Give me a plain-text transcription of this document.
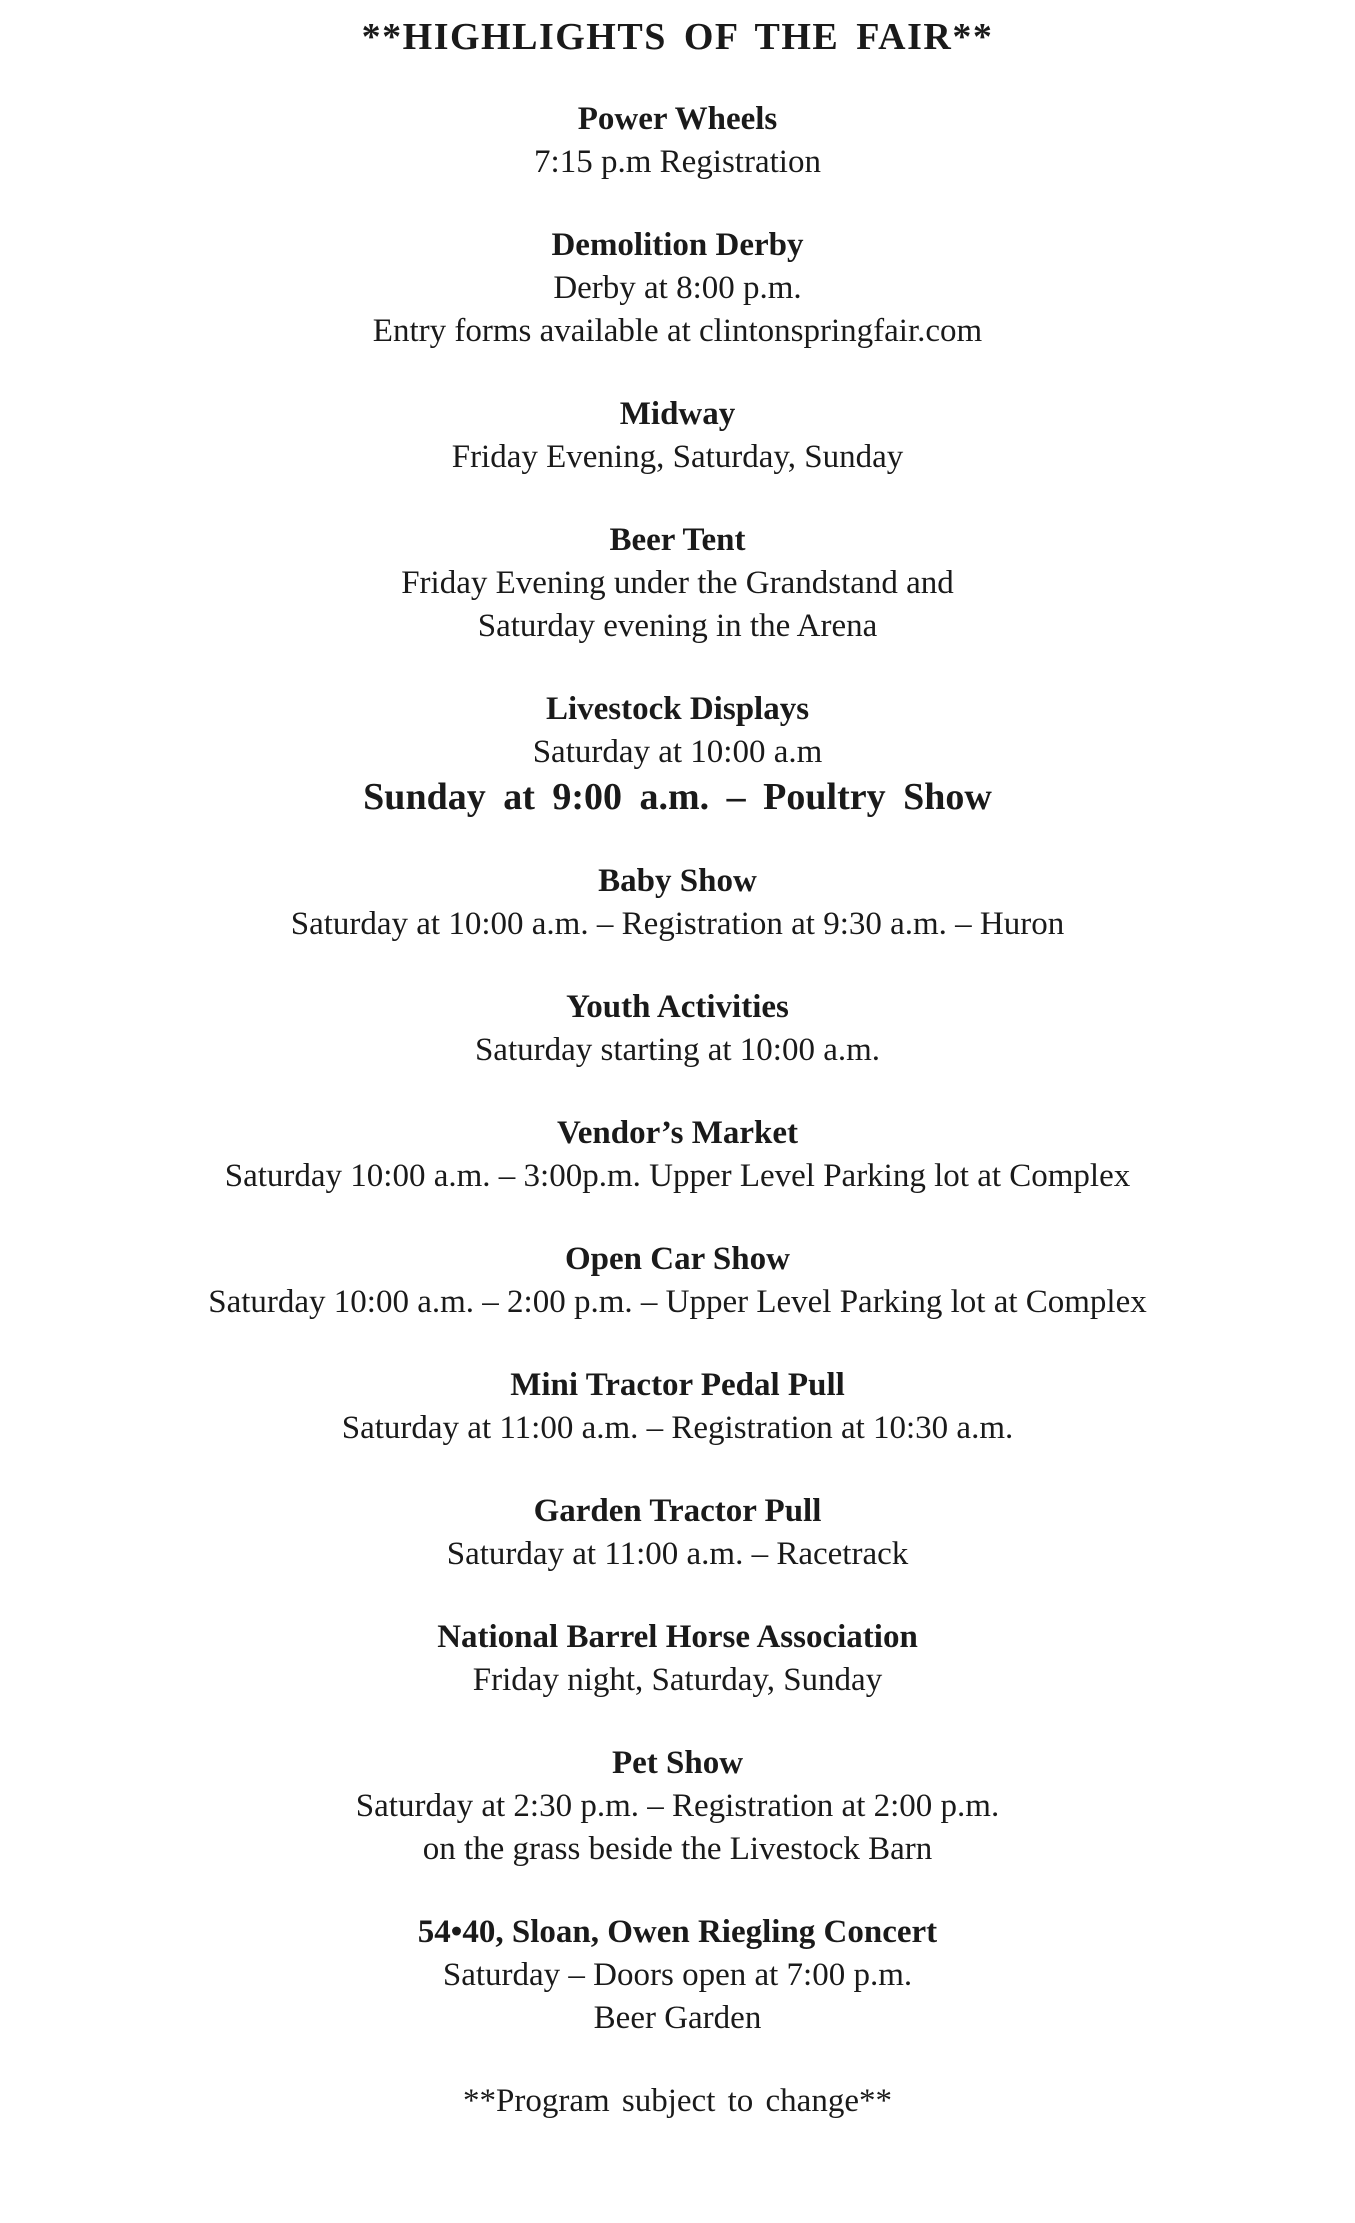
**HIGHLIGHTS OF THE FAIR**

Power Wheels

7:15 p.m Registration

Demolition Derby

Derby at 8:00 p.m.

Entry forms available at clintonspringfair.com

Midway

Friday Evening, Saturday, Sunday

Beer Tent

Friday Evening under the Grandstand and

Saturday evening in the Arena

Livestock Displays

Saturday at 10:00 a.m

Sunday at 9:00 a.m. – Poultry Show

Baby Show

Saturday at 10:00 a.m. – Registration at 9:30 a.m. – Huron

Youth Activities

Saturday starting at 10:00 a.m.

Vendor’s Market

Saturday 10:00 a.m. – 3:00p.m. Upper Level Parking lot at Complex

Open Car Show

Saturday 10:00 a.m. – 2:00 p.m. – Upper Level Parking lot at Complex

Mini Tractor Pedal Pull

Saturday at 11:00 a.m. – Registration at 10:30 a.m.

Garden Tractor Pull

Saturday at 11:00 a.m. – Racetrack

National Barrel Horse Association

Friday night, Saturday, Sunday

Pet Show

Saturday at 2:30 p.m. – Registration at 2:00 p.m.

on the grass beside the Livestock Barn

54•40, Sloan, Owen Riegling Concert

Saturday – Doors open at 7:00 p.m.

Beer Garden

**Program subject to change**
